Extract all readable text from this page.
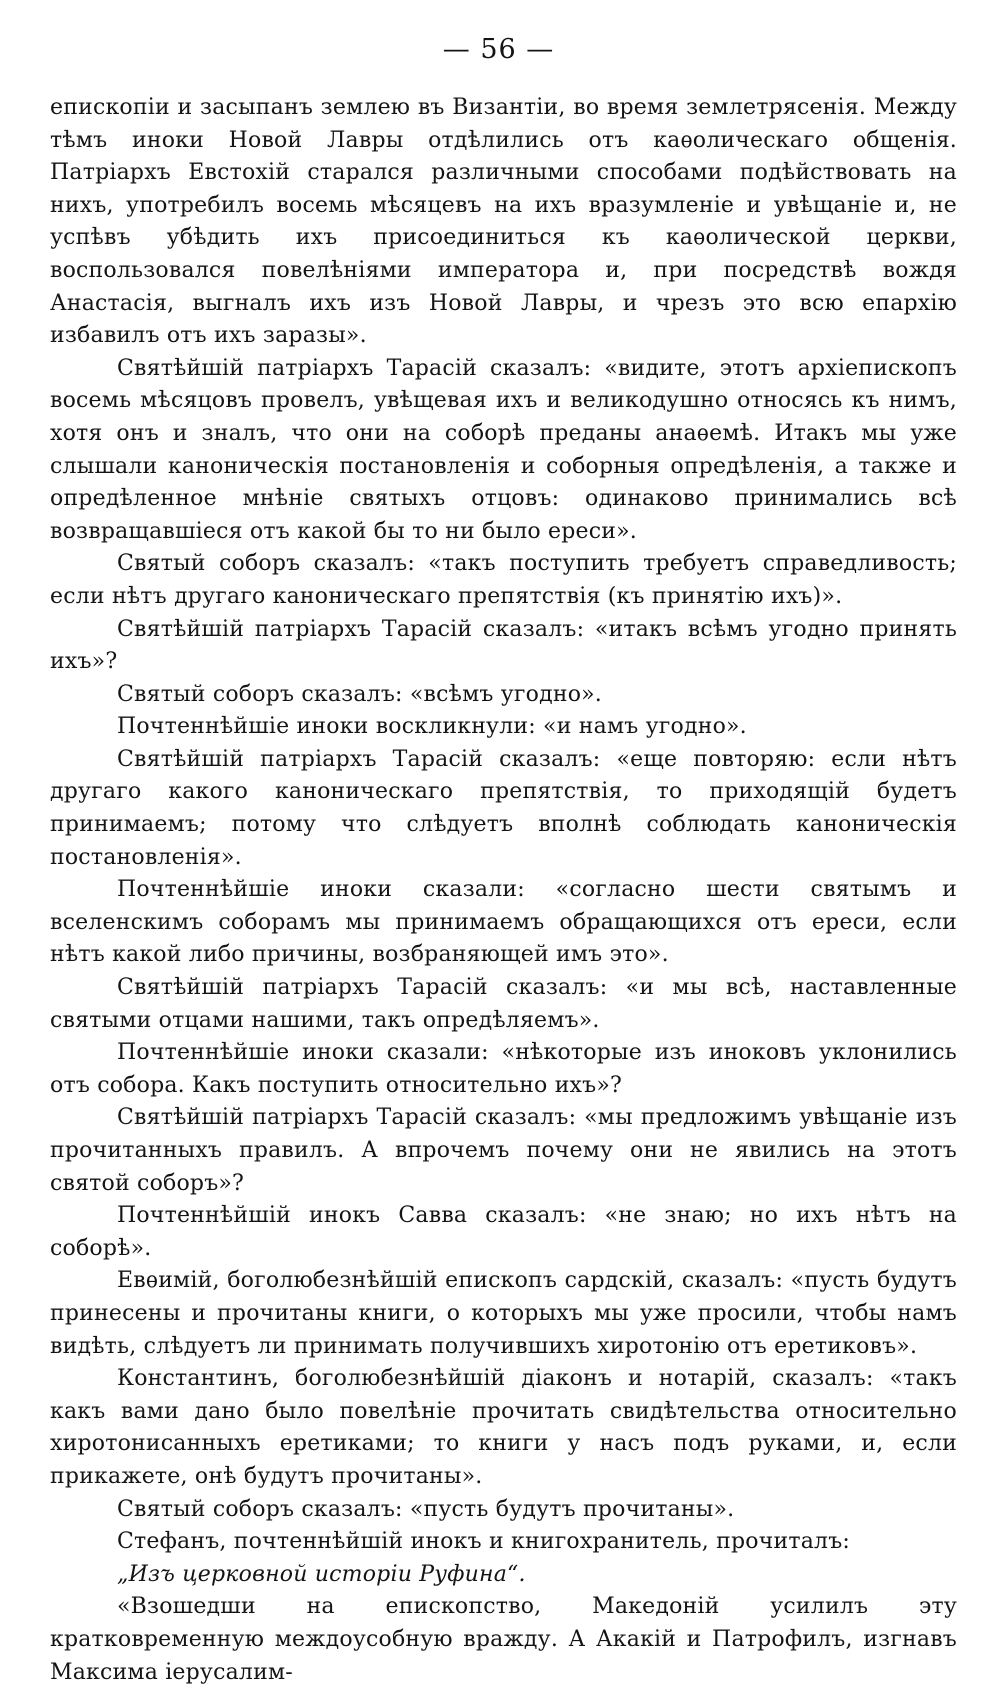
— 56 —

епископіи и засыпанъ землею въ Византіи, во время землетрясенія. Между тѣмъ иноки Новой Лавры отдѣлились отъ каѳолическаго общенія. Патріархъ Евстохій старался различными способами подѣйствовать на нихъ, употребилъ восемь мѣсяцевъ на ихъ вразумленіе и увѣщаніе и, не успѣвъ убѣдить ихъ присоединиться къ каѳолической церкви, воспользовался повелѣніями императора и, при посредствѣ вождя Анастасія, выгналъ ихъ изъ Новой Лавры, и чрезъ это всю епархію избавилъ отъ ихъ заразы».

Святѣйшій патріархъ Тарасій сказалъ: «видите, этотъ архіепископъ восемь мѣсяцовъ провелъ, увѣщевая ихъ и великодушно относясь къ нимъ, хотя онъ и зналъ, что они на соборѣ преданы анаѳемѣ. Итакъ мы уже слышали каноническія постановленія и соборныя опредѣленія, а также и опредѣленное мнѣніе святыхъ отцовъ: одинаково принимались всѣ возвращавшіеся отъ какой бы то ни было ереси».

Святый соборъ сказалъ: «такъ поступить требуетъ справедливость; если нѣтъ другаго каноническаго препятствія (къ принятію ихъ)».

Святѣйшій патріархъ Тарасій сказалъ: «итакъ всѣмъ угодно принять ихъ»?

Святый соборъ сказалъ: «всѣмъ угодно».

Почтеннѣйшіе иноки воскликнули: «и намъ угодно».

Святѣйшій патріархъ Тарасій сказалъ: «еще повторяю: если нѣтъ другаго какого каноническаго препятствія, то приходящій будетъ принимаемъ; потому что слѣдуетъ вполнѣ соблюдать каноническія постановленія».

Почтеннѣйшіе иноки сказали: «согласно шести святымъ и вселенскимъ соборамъ мы принимаемъ обращающихся отъ ереси, если нѣтъ какой либо причины, возбраняющей имъ это».

Святѣйшій патріархъ Тарасій сказалъ: «и мы всѣ, наставленные святыми отцами нашими, такъ опредѣляемъ».

Почтеннѣйшіе иноки сказали: «нѣкоторые изъ иноковъ уклонились отъ собора. Какъ поступить относительно ихъ»?

Святѣйшій патріархъ Тарасій сказалъ: «мы предложимъ увѣщаніе изъ прочитанныхъ правилъ. А впрочемъ почему они не явились на этотъ святой соборъ»?

Почтеннѣйшій инокъ Савва сказалъ: «не знаю; но ихъ нѣтъ на соборѣ».

Евѳимій, боголюбезнѣйшій епископъ сардскій, сказалъ: «пусть будутъ принесены и прочитаны книги, о которыхъ мы уже просили, чтобы намъ видѣть, слѣдуетъ ли принимать получившихъ хиротонію отъ еретиковъ».

Константинъ, боголюбезнѣйшій діаконъ и нотарій, сказалъ: «такъ какъ вами дано было повелѣніе прочитать свидѣтельства относительно хиротонисанныхъ еретиками; то книги у насъ подъ руками, и, если прикажете, онѣ будутъ прочитаны».

Святый соборъ сказалъ: «пусть будутъ прочитаны».

Стефанъ, почтеннѣйшій инокъ и книгохранитель, прочиталъ:

„Изъ церковной исторіи Руфина“.

«Взошедши на епископство, Македоній усилилъ эту кратковременную междоусобную вражду. А Акакій и Патрофилъ, изгнавъ Максима іерусалим-
